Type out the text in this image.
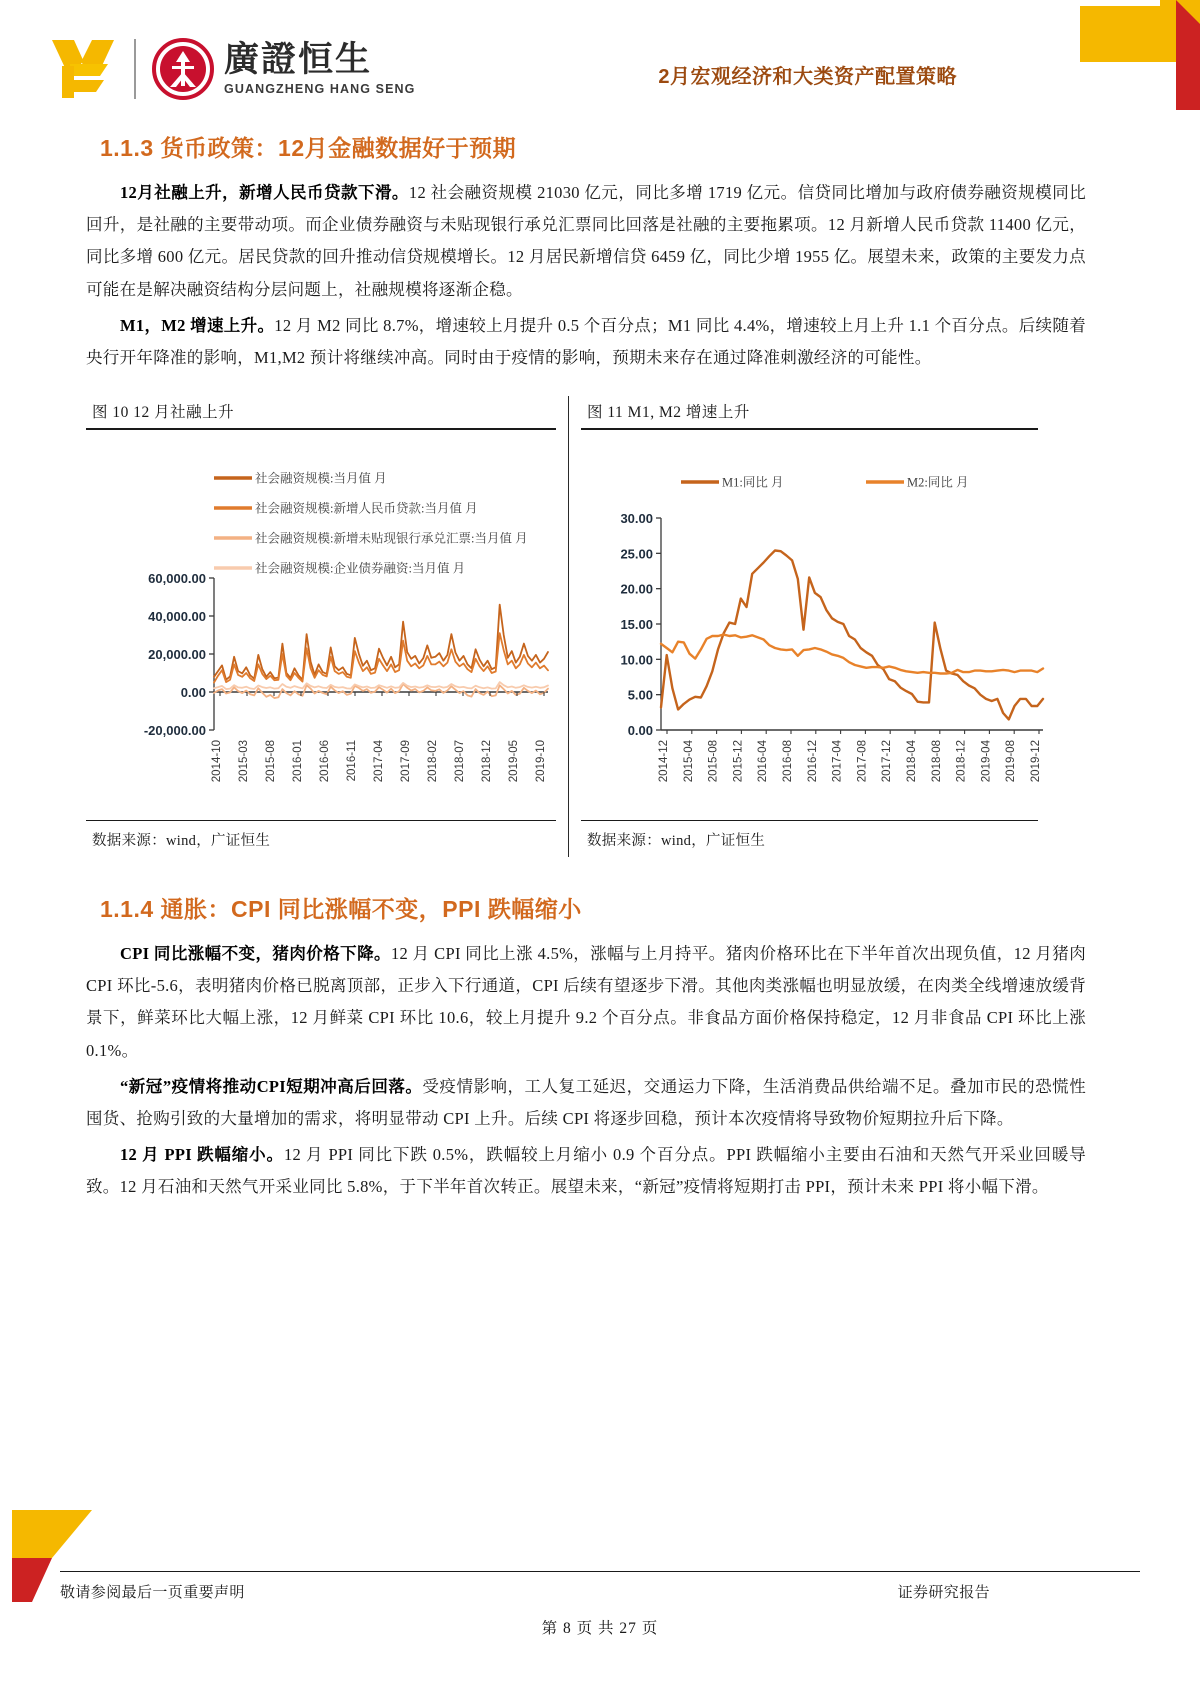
廣證恒生
GUANGZHENG HANG SENG
2月宏观经济和大类资产配置策略
1.1.3 货币政策：12月金融数据好于预期

12月社融上升，新增人民币贷款下滑。12 社会融资规模 21030 亿元，同比多增 1719 亿元。信贷同比增加与政府债券融资规模同比回升，是社融的主要带动项。而企业债券融资与未贴现银行承兑汇票同比回落是社融的主要拖累项。12 月新增人民币贷款 11400 亿元，同比多增 600 亿元。居民贷款的回升推动信贷规模增长。12 月居民新增信贷 6459 亿，同比少增 1955 亿。展望未来，政策的主要发力点可能在是解决融资结构分层问题上，社融规模将逐渐企稳。

M1，M2 增速上升。12 月 M2 同比 8.7%，增速较上月提升 0.5 个百分点；M1 同比 4.4%，增速较上月上升 1.1 个百分点。后续随着央行开年降准的影响，M1,M2 预计将继续冲高。同时由于疫情的影响，预期未来存在通过降准刺激经济的可能性。

图 10 12 月社融上升
社会融资规模:当月值 月
社会融资规模:新增人民币贷款:当月值 月
社会融资规模:新增未贴现银行承兑汇票:当月值 月
社会融资规模:企业债券融资:当月值 月
-20,000.00
0.00
20,000.00
40,000.00
60,000.00
2014-10 2015-03 2015-08 2016-01 2016-06 2016-11 2017-04 2017-09 2018-02 2018-07 2018-12 2019-05 2019-10
数据来源：wind，广证恒生
图 11 M1, M2 增速上升
M1:同比 月	M2:同比 月
0.00
5.00
10.00
15.00
20.00
25.00
30.00
2014-12 2015-04 2015-08 2015-12 2016-04 2016-08 2016-12 2017-04 2017-08 2017-12 2018-04 2018-08 2018-12 2019-04 2019-08 2019-12
数据来源：wind，广证恒生
1.1.4 通胀：CPI 同比涨幅不变，PPI 跌幅缩小

CPI 同比涨幅不变，猪肉价格下降。12 月 CPI 同比上涨 4.5%，涨幅与上月持平。猪肉价格环比在下半年首次出现负值，12 月猪肉 CPI 环比-5.6，表明猪肉价格已脱离顶部，正步入下行通道，CPI 后续有望逐步下滑。其他肉类涨幅也明显放缓，在肉类全线增速放缓背景下，鲜菜环比大幅上涨，12 月鲜菜 CPI 环比 10.6，较上月提升 9.2 个百分点。非食品方面价格保持稳定，12 月非食品 CPI 环比上涨 0.1%。

“新冠”疫情将推动CPI短期冲高后回落。受疫情影响，工人复工延迟，交通运力下降，生活消费品供给端不足。叠加市民的恐慌性囤货、抢购引致的大量增加的需求，将明显带动 CPI 上升。后续 CPI 将逐步回稳，预计本次疫情将导致物价短期拉升后下降。

12 月 PPI 跌幅缩小。12 月 PPI 同比下跌 0.5%，跌幅较上月缩小 0.9 个百分点。PPI 跌幅缩小主要由石油和天然气开采业回暖导致。12 月石油和天然气开采业同比 5.8%，于下半年首次转正。展望未来，“新冠”疫情将短期打击 PPI，预计未来 PPI 将小幅下滑。

敬请参阅最后一页重要声明	证券研究报告
第 8 页 共 27 页
